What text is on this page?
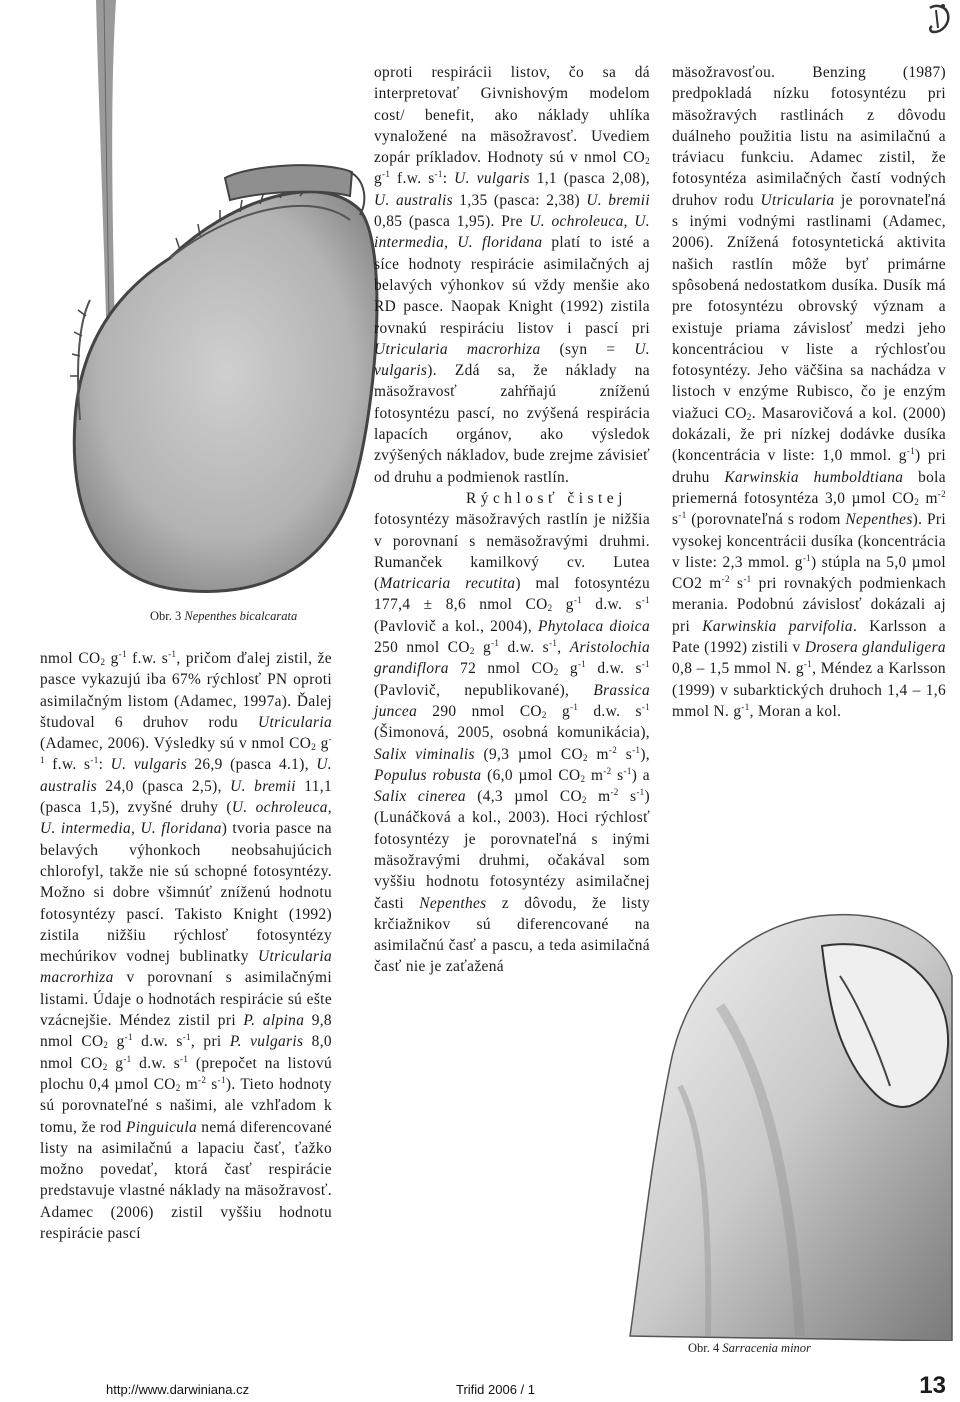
Obr. 3 Nepenthes bicalcarata
Obr. 4 Sarracenia minor

nmol $CO_2$ $g^{-1}$ f.w. $s^{-1}$, pričom ďalej zistil, že pasce vykazujú iba 67% rýchlosť PN oproti asimilačným listom (Adamec, 1997a). Ďalej študoval 6 druhov rodu Utricularia (Adamec, 2006). Výsledky sú v nmol $CO_2$ $g^{-1}$ f.w. $s^{-1}$: U. vulgaris 26,9 (pasca 4.1), U. australis 24,0 (pasca 2,5), U. bremii 11,1 (pasca 1,5), zvyšné druhy (U. ochroleuca, U. intermedia, U. floridana) tvoria pasce na belavých výhonkoch neobsahujúcich chlorofyl, takže nie sú schopné fotosyntézy. Možno si dobre všimnúť zníženú hodnotu fotosyntézy pascí. Takisto Knight (1992) zistila nižšiu rýchlosť fotosyntézy mechúrikov vodnej bublinatky Utricularia macrorhiza v porovnaní s asimilačnými listami. Údaje o hodnotách respirácie sú ešte vzácnejšie. Méndez zistil pri P. alpina 9,8 nmol $CO_2$ $g^{-1}$ d.w. $s^{-1}$, pri P. vulgaris 8,0 nmol $CO_2$ $g^{-1}$ d.w. $s^{-1}$ (prepočet na listovú plochu 0,4 µmol $CO_2$ $m^{-2}$ $s^{-1}$). Tieto hodnoty sú porovnateľné s našimi, ale vzhľadom k tomu, že rod Pinguicula nemá diferencované listy na asimilačnú a lapaciu časť, ťažko možno povedať, ktorá časť respirácie predstavuje vlastné náklady na mäsožravosť. Adamec (2006) zistil vyššiu hodnotu respirácie pascí

oproti respirácii listov, čo sa dá interpretovať Givnishovým modelom cost/ benefit, ako náklady uhlíka vynaložené na mäsožravosť. Uvediem zopár príkladov. Hodnoty sú v nmol $CO_2$ $g^{-1}$ f.w. $s^{-1}$: U. vulgaris 1,1 (pasca 2,08), U. australis 1,35 (pasca: 2,38) U. bremii 0,85 (pasca 1,95). Pre U. ochroleuca, U. intermedia, U. floridana platí to isté a síce hodnoty respirácie asimilačných aj belavých výhonkov sú vždy menšie ako RD pasce. Naopak Knight (1992) zistila rovnakú respiráciu listov i pascí pri Utricularia macrorhiza (syn = U. vulgaris). Zdá sa, že náklady na mäsožravosť zahŕňajú zníženú fotosyntézu pascí, no zvýšená respirácia lapacích orgánov, ako výsledok zvýšených nákladov, bude zrejme závisieť od druhu a podmienok rastlín.

Rýchlosť čistej fotosyntézy mäsožravých rastlín je nižšia v porovnaní s nemäsožravými druhmi. Rumanček kamilkový cv. Lutea (Matricaria recutita) mal fotosyntézu 177,4 ± 8,6 nmol $CO_2$ $g^{-1}$ d.w. $s^{-1}$ (Pavlovič a kol., 2004), Phytolaca dioica 250 nmol $CO_2$ $g^{-1}$ d.w. $s^{-1}$, Aristolochia grandiflora 72 nmol $CO_2$ $g^{-1}$ d.w. $s^{-1}$ (Pavlovič, nepublikované), Brassica juncea 290 nmol $CO_2$ $g^{-1}$ d.w. $s^{-1}$ (Šimonová, 2005, osobná komunikácia), Salix viminalis (9,3 µmol $CO_2$ $m^{-2}$ $s^{-1}$), Populus robusta (6,0 µmol $CO_2$ $m^{-2}$ $s^{-1}$) a Salix cinerea (4,3 µmol $CO_2$ $m^{-2}$ $s^{-1}$) (Lunáčková a kol., 2003). Hoci rýchlosť fotosyntézy je porovnateľná s inými mäsožravými druhmi, očakával som vyššiu hodnotu fotosyntézy asimilačnej časti Nepenthes z dôvodu, že listy krčiažnikov sú diferencované na asimilačnú časť a pascu, a teda asimilačná časť nie je zaťažená

mäsožravosťou. Benzing (1987) predpokladá nízku fotosyntézu pri mäsožravých rastlinách z dôvodu duálneho použitia listu na asimilačnú a tráviacu funkciu. Adamec zistil, že fotosyntéza asimilačných častí vodných druhov rodu Utricularia je porovnateľná s inými vodnými rastlinami (Adamec, 2006). Znížená fotosyntetická aktivita našich rastlín môže byť primárne spôsobená nedostatkom dusíka. Dusík má pre fotosyntézu obrovský význam a existuje priama závislosť medzi jeho koncentráciou v liste a rýchlosťou fotosyntézy. Jeho väčšina sa nachádza v listoch v enzýme Rubisco, čo je enzým viažuci $CO_2$. Masarovičová a kol. (2000) dokázali, že pri nízkej dodávke dusíka (koncentrácia v liste: 1,0 mmol. $g^{-1}$) pri druhu Karwinskia humboldtiana bola priemerná fotosyntéza 3,0 µmol $CO_2$ $m^{-2}$ $s^{-1}$ (porovnateľná s rodom Nepenthes). Pri vysokej koncentrácii dusíka (koncentrácia v liste: 2,3 mmol. $g^{-1}$) stúpla na 5,0 µmol CO2 $m^{-2}$ $s^{-1}$ pri rovnakých podmienkach merania. Podobnú závislosť dokázali aj pri Karwinskia parvifolia. Karlsson a Pate (1992) zistili v Drosera glanduligera 0,8 – 1,5 mmol N. $g^{-1}$, Méndez a Karlsson (1999) v subarktických druhoch 1,4 – 1,6 mmol N. $g^{-1}$, Moran a kol.

http://www.darwiniana.cz	Trifid 2006 / 1	13
